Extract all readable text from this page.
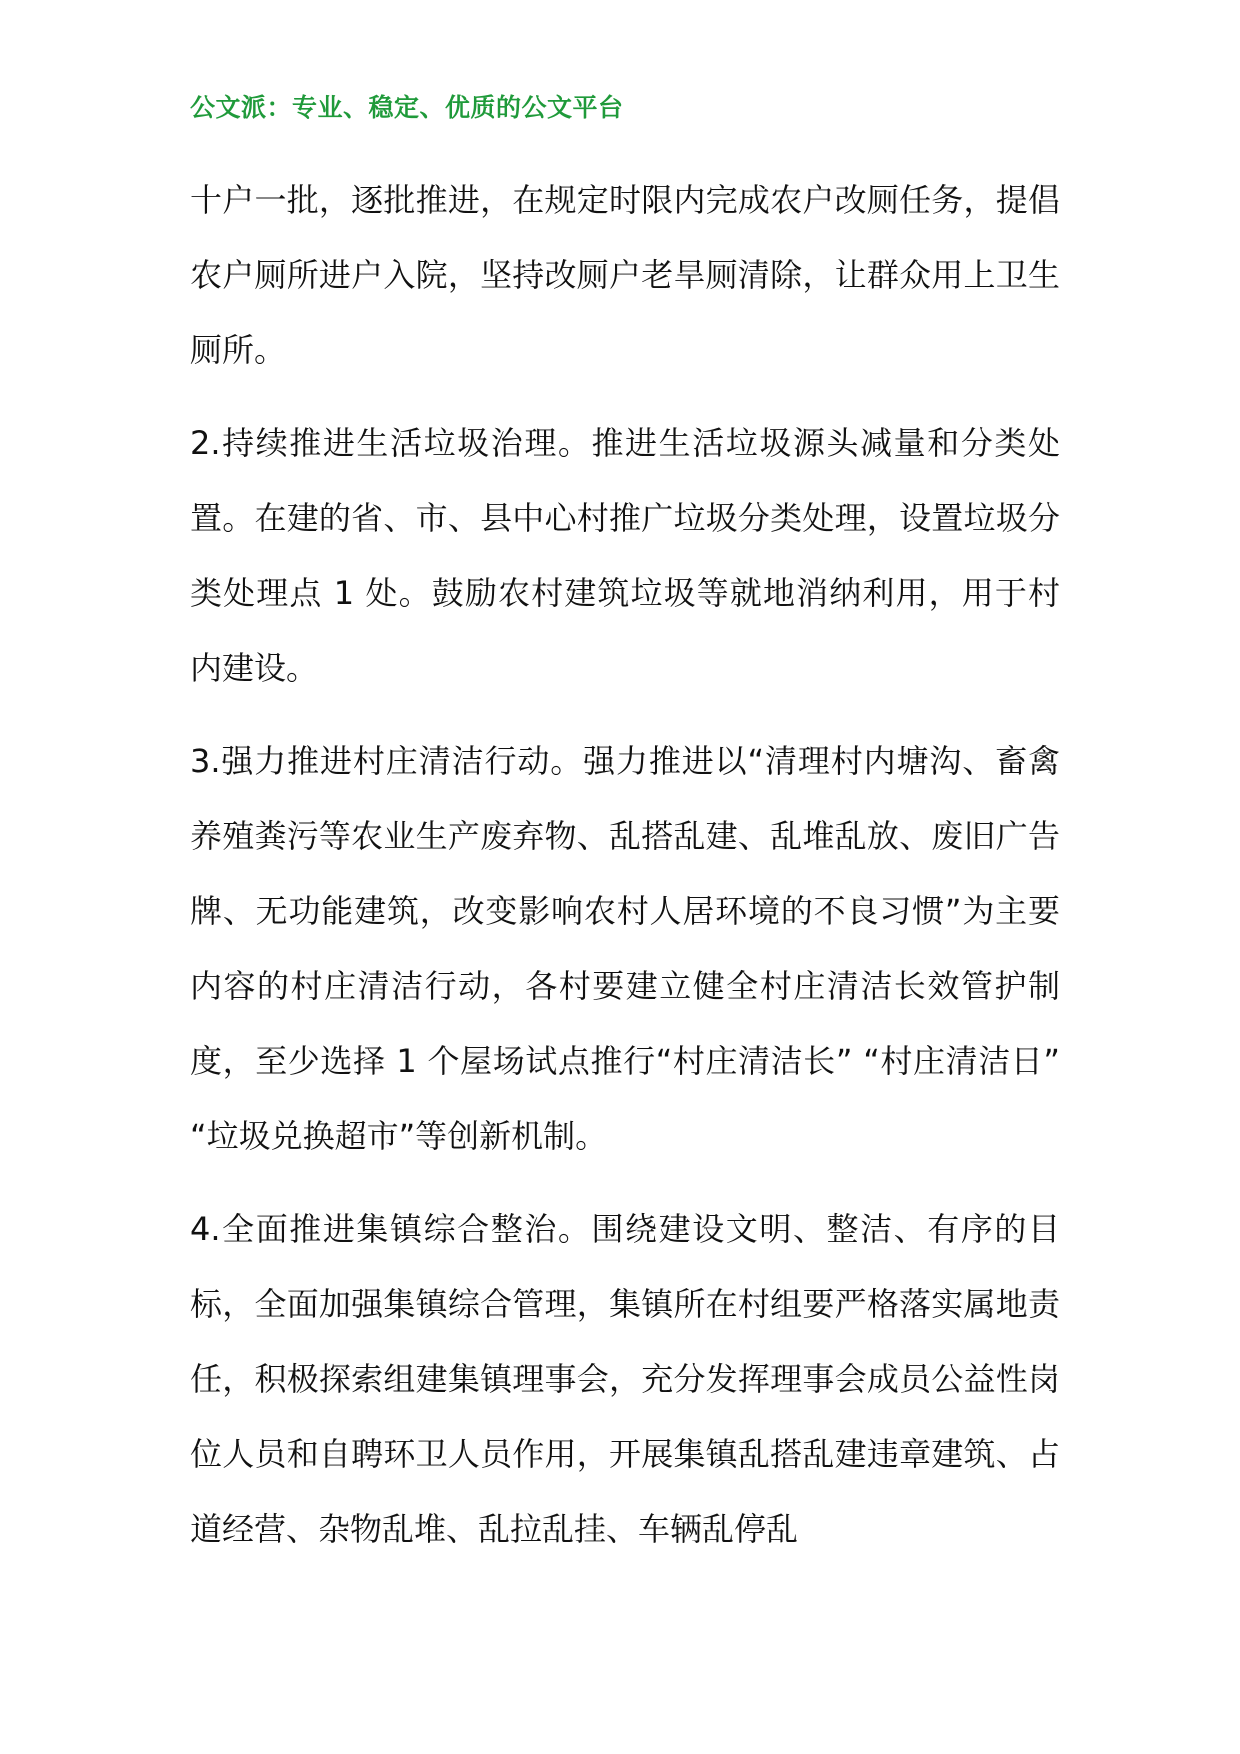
公文派：专业、稳定、优质的公文平台

十户一批，逐批推进，在规定时限内完成农户改厕任务，提倡农户厕所进户入院，坚持改厕户老旱厕清除，让群众用上卫生厕所。

2.持续推进生活垃圾治理。推进生活垃圾源头减量和分类处置。在建的省、市、县中心村推广垃圾分类处理，设置垃圾分类处理点 1 处。鼓励农村建筑垃圾等就地消纳利用，用于村内建设。

3.强力推进村庄清洁行动。强力推进以“清理村内塘沟、畜禽养殖粪污等农业生产废弃物、乱搭乱建、乱堆乱放、废旧广告牌、无功能建筑，改变影响农村人居环境的不良习惯”为主要内容的村庄清洁行动，各村要建立健全村庄清洁长效管护制度，至少选择 1 个屋场试点推行“村庄清洁长” “村庄清洁日” “垃圾兑换超市”等创新机制。

4.全面推进集镇综合整治。围绕建设文明、整洁、有序的目标，全面加强集镇综合管理，集镇所在村组要严格落实属地责任，积极探索组建集镇理事会，充分发挥理事会成员公益性岗位人员和自聘环卫人员作用，开展集镇乱搭乱建违章建筑、占道经营、杂物乱堆、乱拉乱挂、车辆乱停乱
